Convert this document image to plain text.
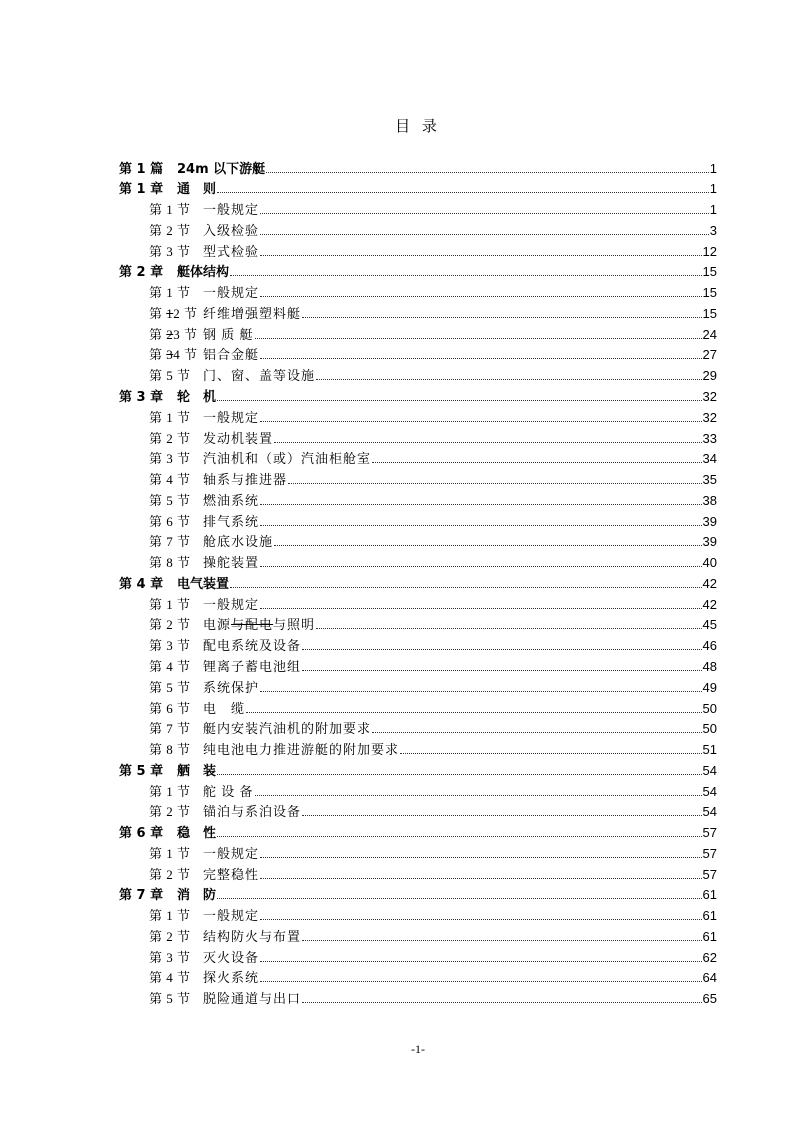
目 录
第 1 篇	24m 以下游艇	1
第 1 章	通　则	1
第 1 节 一般规定	1
第 2 节 入级检验	3
第 3 节 型式检验	12
第 2 章	艇体结构	15
第 1 节 一般规定	15
第 12 节 纤维增强塑料艇	15
第 23 节 钢 质 艇	24
第 34 节 铝合金艇	27
第 5 节 门、窗、盖等设施	29
第 3 章	轮　机	32
第 1 节 一般规定	32
第 2 节 发动机装置	33
第 3 节 汽油机和（或）汽油柜舱室	34
第 4 节 轴系与推进器	35
第 5 节 燃油系统	38
第 6 节 排气系统	39
第 7 节 舱底水设施	39
第 8 节 操舵装置	40
第 4 章	电气装置	42
第 1 节 一般规定	42
第 2 节 电源与配电与照明	45
第 3 节 配电系统及设备	46
第 4 节 锂离子蓄电池组	48
第 5 节 系统保护	49
第 6 节 电　缆	50
第 7 节 艇内安装汽油机的附加要求	50
第 8 节 纯电池电力推进游艇的附加要求	51
第 5 章	舾　装	54
第 1 节 舵 设 备	54
第 2 节 锚泊与系泊设备	54
第 6 章	稳　性	57
第 1 节 一般规定	57
第 2 节 完整稳性	57
第 7 章	消　防	61
第 1 节 一般规定	61
第 2 节 结构防火与布置	61
第 3 节 灭火设备	62
第 4 节 探火系统	64
第 5 节 脱险通道与出口	65
-1-
